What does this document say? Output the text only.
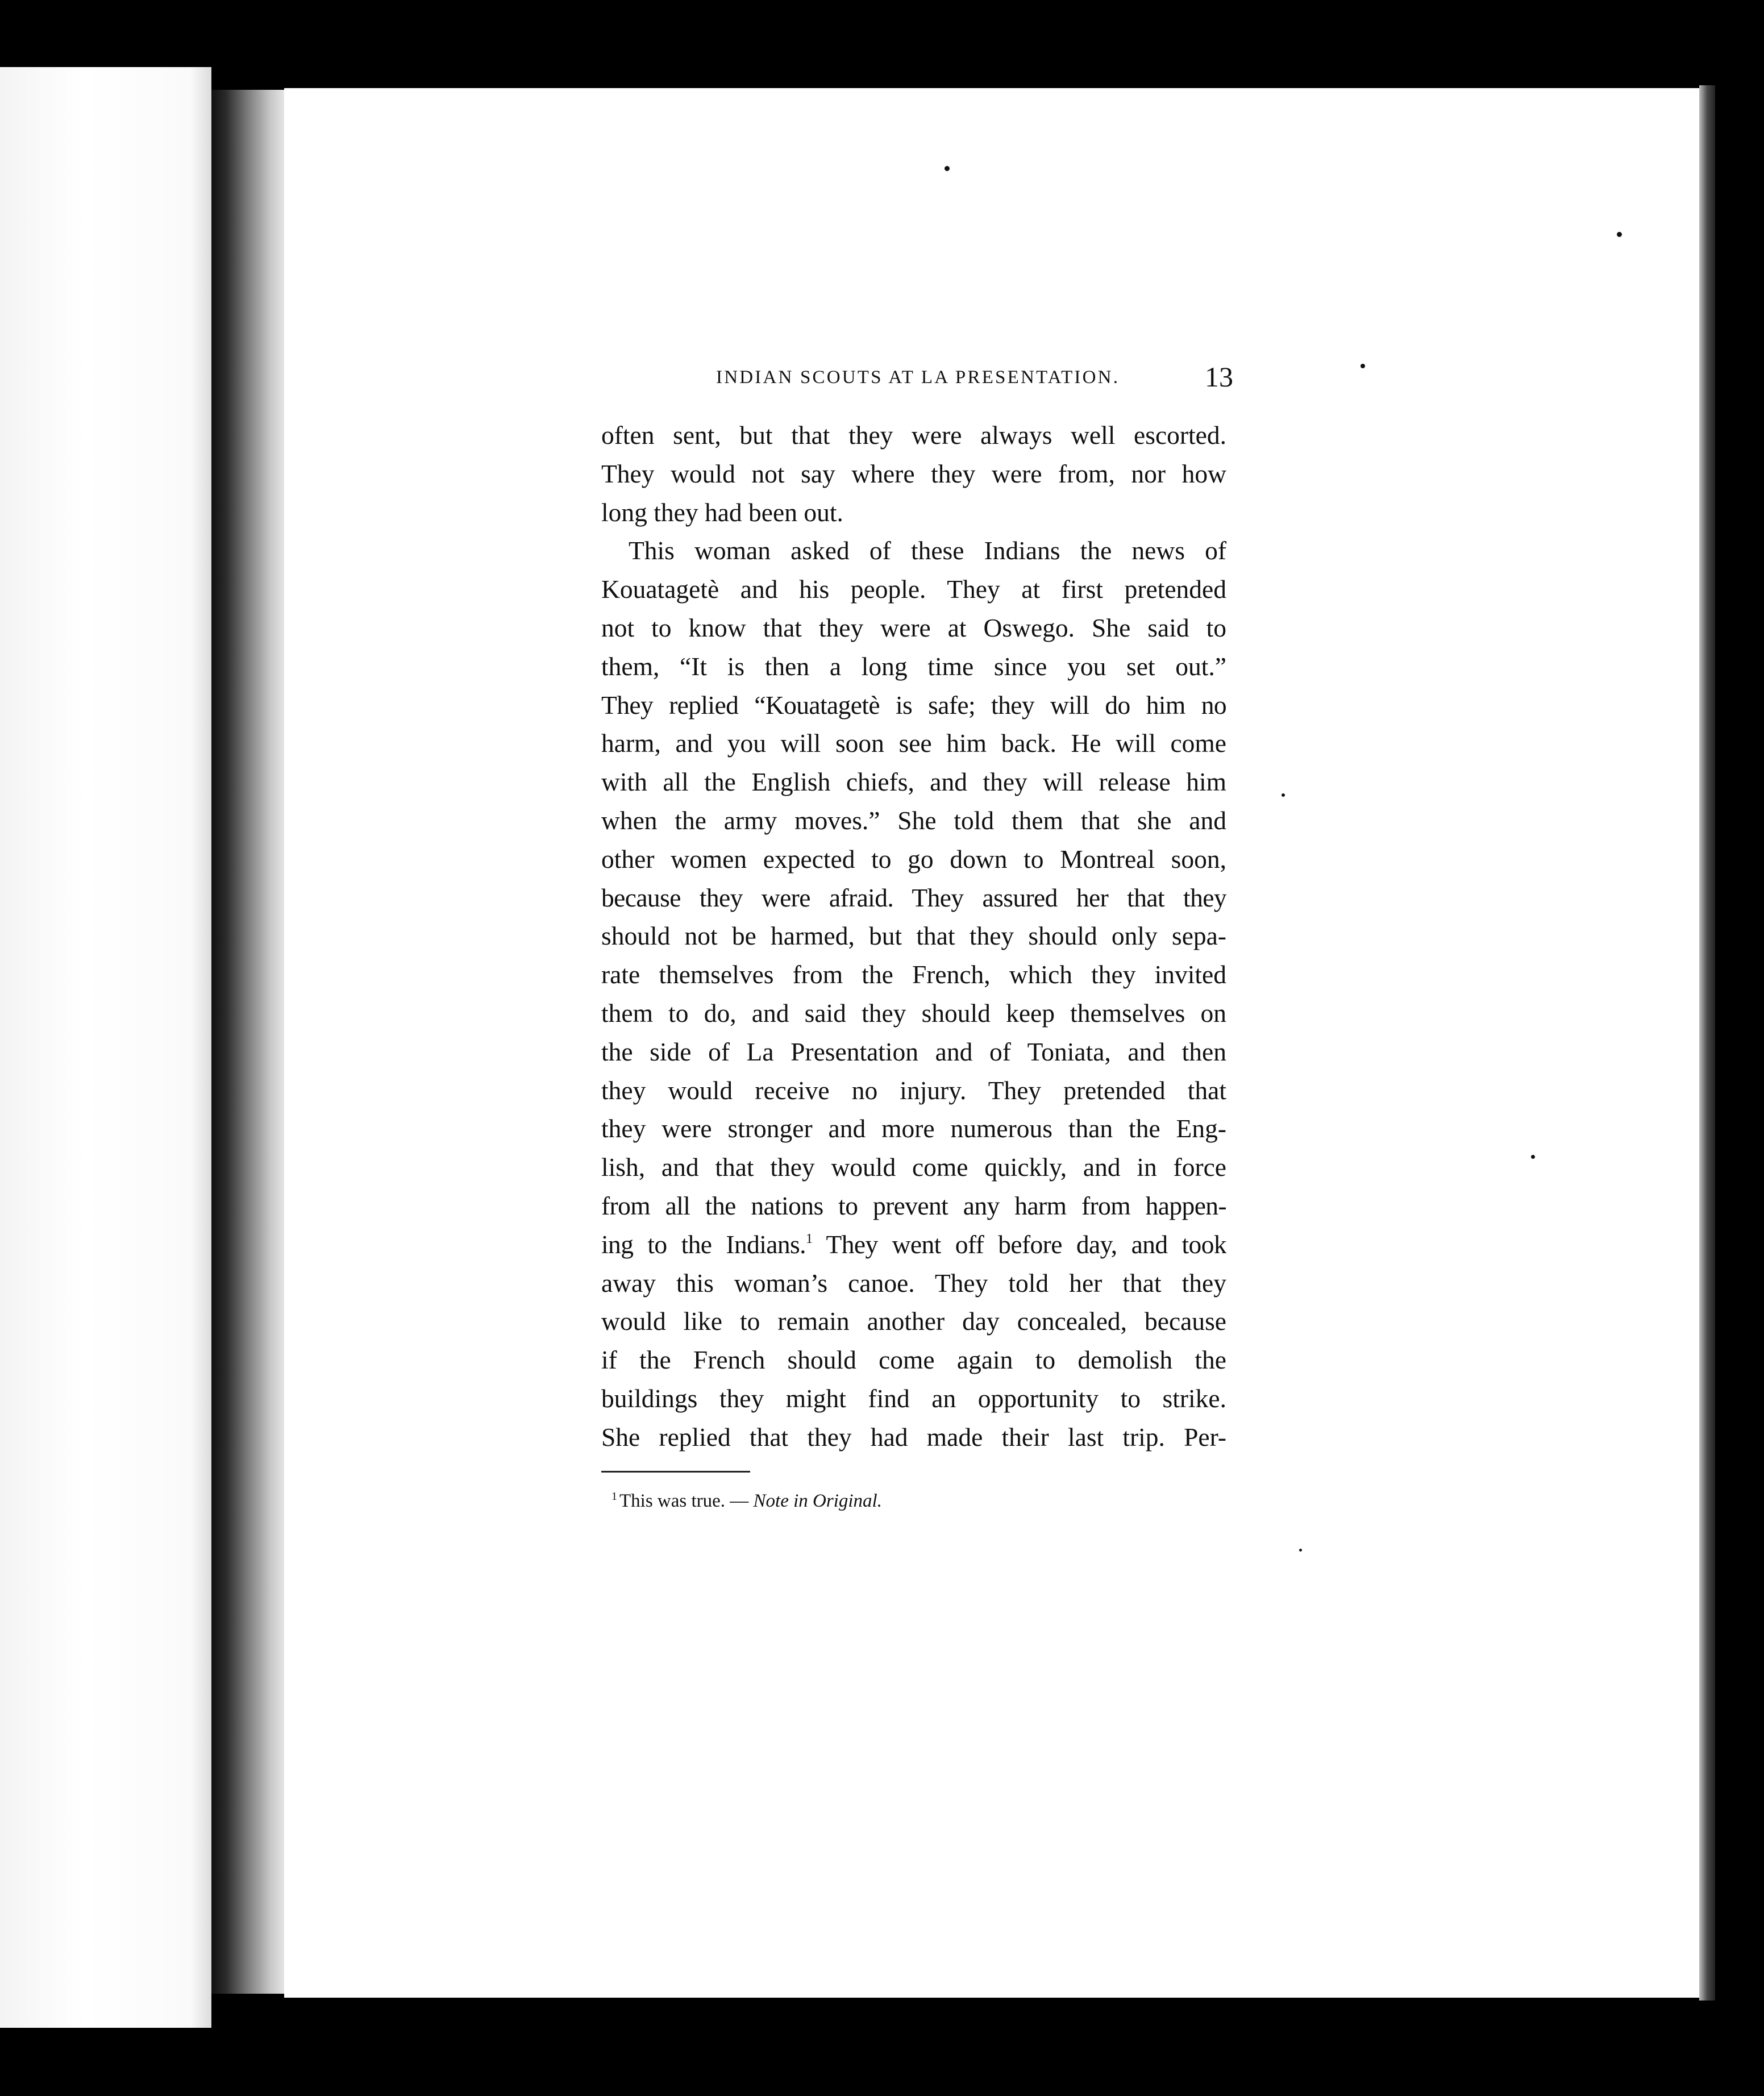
INDIAN SCOUTS AT LA PRESENTATION.	13
often sent, but that they were always well escorted.
They would not say where they were from, nor how
long they had been out.
This woman asked of these Indians the news of
Kouatagetè and his people. They at first pretended
not to know that they were at Oswego. She said to
them, “It is then a long time since you set out.”
They replied “Kouatagetè is safe; they will do him no
harm, and you will soon see him back. He will come
with all the English chiefs, and they will release him
when the army moves.” She told them that she and
other women expected to go down to Montreal soon,
because they were afraid. They assured her that they
should not be harmed, but that they should only sepa-
rate themselves from the French, which they invited
them to do, and said they should keep themselves on
the side of La Presentation and of Toniata, and then
they would receive no injury. They pretended that
they were stronger and more numerous than the Eng-
lish, and that they would come quickly, and in force
from all the nations to prevent any harm from happen-
ing to the Indians.$^1$ They went off before day, and took
away this woman’s canoe. They told her that they
would like to remain another day concealed, because
if the French should come again to demolish the
buildings they might find an opportunity to strike.
She replied that they had made their last trip. Per-
$^1$ This was true. — Note in Original.
